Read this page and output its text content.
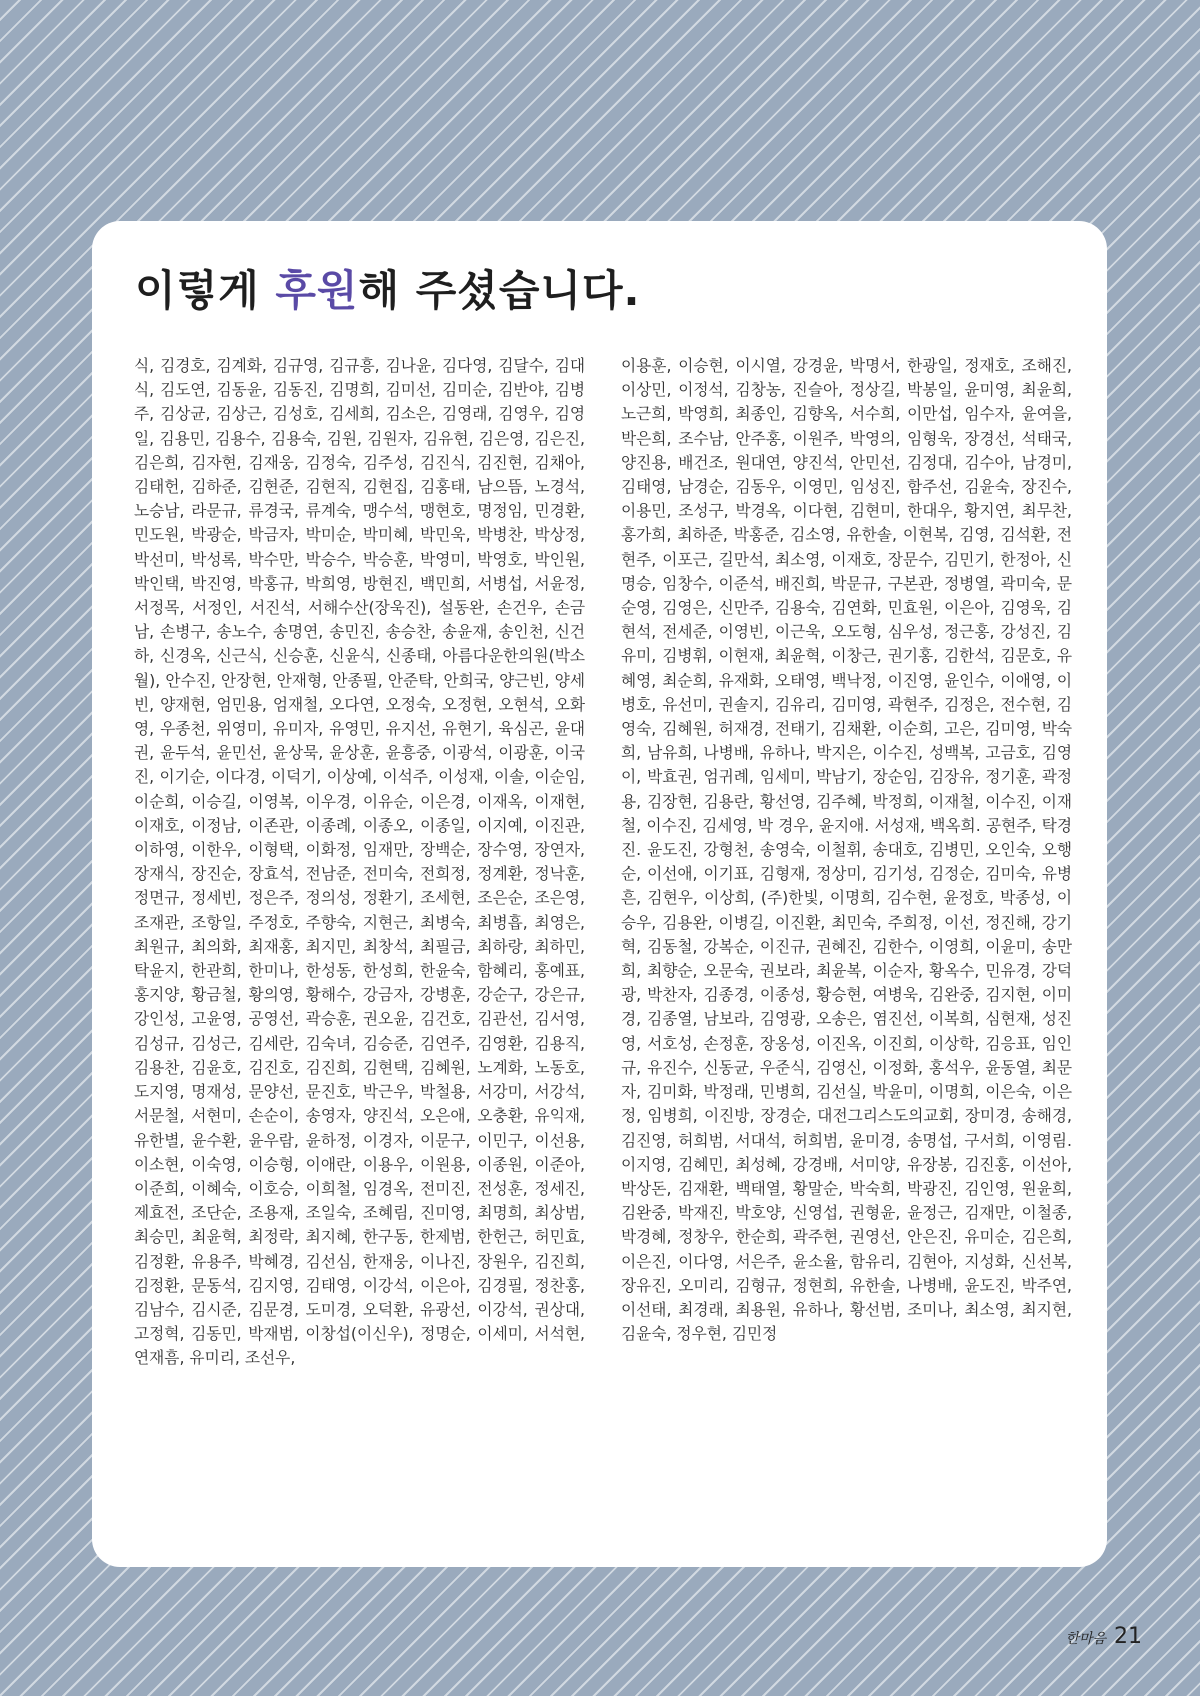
이렇게 후원해 주셨습니다.
식, 김경호, 김계화, 김규영, 김규흥, 김나윤, 김다영, 김달수, 김대식, 김도연, 김동윤, 김동진, 김명희, 김미선, 김미순, 김반야, 김병주, 김상균, 김상근, 김성호, 김세희, 김소은, 김영래, 김영우, 김영일, 김용민, 김용수, 김용숙, 김원, 김원자, 김유현, 김은영, 김은진, 김은희, 김자현, 김재웅, 김정숙, 김주성, 김진식, 김진현, 김채아, 김태헌, 김하준, 김현준, 김현직, 김현집, 김홍태, 남으뜸, 노경석, 노승남, 라문규, 류경국, 류계숙, 맹수석, 맹현호, 명정임, 민경환, 민도원, 박광순, 박금자, 박미순, 박미혜, 박민욱, 박병찬, 박상정, 박선미, 박성록, 박수만, 박승수, 박승훈, 박영미, 박영호, 박인원, 박인택, 박진영, 박홍규, 박희영, 방현진, 백민희, 서병섭, 서윤정, 서정목, 서정인, 서진석, 서해수산(장욱진), 설동완, 손건우, 손금남, 손병구, 송노수, 송명연, 송민진, 송승찬, 송윤재, 송인천, 신건하, 신경옥, 신근식, 신승훈, 신윤식, 신종태, 아름다운한의원(박소월), 안수진, 안장현, 안재형, 안종필, 안준탁, 안희국, 양근빈, 양세빈, 양재현, 엄민용, 엄재철, 오다연, 오정숙, 오정현, 오현석, 오화영, 우종천, 위영미, 유미자, 유영민, 유지선, 유현기, 육심곤, 윤대권, 윤두석, 윤민선, 윤상묵, 윤상훈, 윤흥중, 이광석, 이광훈, 이국진, 이기순, 이다경, 이덕기, 이상예, 이석주, 이성재, 이솔, 이순임, 이순희, 이승길, 이영복, 이우경, 이유순, 이은경, 이재옥, 이재현, 이재호, 이정남, 이존관, 이종례, 이종오, 이종일, 이지예, 이진관, 이하영, 이한우, 이형택, 이화정, 임재만, 장백순, 장수영, 장연자, 장재식, 장진순, 장효석, 전남준, 전미숙, 전희정, 정계환, 정낙훈, 정면규, 정세빈, 정은주, 정의성, 정환기, 조세현, 조은순, 조은영, 조재관, 조항일, 주정호, 주향숙, 지현근, 최병숙, 최병흡, 최영은, 최원규, 최의화, 최재홍, 최지민, 최창석, 최필금, 최하랑, 최하민, 탁윤지, 한관희, 한미나, 한성동, 한성희, 한윤숙, 함혜리, 홍예표, 홍지양, 황금철, 황의영, 황해수, 강금자, 강병훈, 강순구, 강은규, 강인성, 고윤영, 공영선, 곽승훈, 권오윤, 김건호, 김관선, 김서영, 김성규, 김성근, 김세란, 김숙녀, 김승준, 김연주, 김영환, 김용직, 김용찬, 김윤호, 김진호, 김진희, 김현택, 김혜원, 노계화, 노동호, 도지영, 명재성, 문양선, 문진호, 박근우, 박철용, 서강미, 서강석, 서문철, 서현미, 손순이, 송영자, 양진석, 오은애, 오충환, 유익재, 유한별, 윤수환, 윤우람, 윤하정, 이경자, 이문구, 이민구, 이선용, 이소현, 이숙영, 이승형, 이애란, 이용우, 이원용, 이종원, 이준아, 이준희, 이혜숙, 이호승, 이희철, 임경옥, 전미진, 전성훈, 정세진, 제효전, 조단순, 조용재, 조일숙, 조혜림, 진미영, 최명희, 최상범, 최승민, 최윤혁, 최정락, 최지혜, 한구동, 한제범, 한헌근, 허민효, 김정환, 유용주, 박혜경, 김선심, 한재웅, 이나진, 장원우, 김진희, 김정환, 문동석, 김지영, 김태영, 이강석, 이은아, 김경필, 정찬홍, 김남수, 김시준, 김문경, 도미경, 오덕환, 유광선, 이강석, 권상대, 고정혁, 김동민, 박재범, 이창섭(이신우), 정명순, 이세미, 서석현, 연재흠, 유미리, 조선우,
이용훈, 이승현, 이시열, 강경윤, 박명서, 한광일, 정재호, 조해진, 이상민, 이정석, 김창농, 진슬아, 정상길, 박봉일, 윤미영, 최윤희, 노근희, 박영희, 최종인, 김향옥, 서수희, 이만섭, 임수자, 윤여을, 박은희, 조수남, 안주홍, 이원주, 박영의, 임형욱, 장경선, 석태국, 양진용, 배건조, 원대연, 양진석, 안민선, 김정대, 김수아, 남경미, 김태영, 남경순, 김동우, 이영민, 임성진, 함주선, 김윤숙, 장진수, 이용민, 조성구, 박경옥, 이다현, 김현미, 한대우, 황지연, 최무찬, 홍가희, 최하준, 박홍준, 김소영, 유한솔, 이현복, 김영, 김석환, 전현주, 이포근, 길만석, 최소영, 이재호, 장문수, 김민기, 한정아, 신명승, 임창수, 이준석, 배진희, 박문규, 구본관, 정병열, 곽미숙, 문순영, 김영은, 신만주, 김용숙, 김연화, 민효원, 이은아, 김영욱, 김현석, 전세준, 이영빈, 이근욱, 오도형, 심우성, 정근홍, 강성진, 김유미, 김병휘, 이현재, 최윤혁, 이창근, 권기홍, 김한석, 김문호, 유혜영, 최순희, 유재화, 오태영, 백낙정, 이진영, 윤인수, 이애영, 이병호, 유선미, 권솔지, 김유리, 김미영, 곽현주, 김정은, 전수현, 김영숙, 김혜원, 허재경, 전태기, 김채환, 이순희, 고은, 김미영, 박숙희, 남유희, 나병배, 유하나, 박지은, 이수진, 성백복, 고금호, 김영이, 박효권, 엄귀례, 임세미, 박남기, 장순임, 김장유, 정기훈, 곽정용, 김장현, 김용란, 황선영, 김주혜, 박정희, 이재철, 이수진, 이재철, 이수진, 김세영, 박 경우, 윤지애. 서성재, 백옥희. 공현주, 탁경진. 윤도진, 강형천, 송영숙, 이철휘, 송대호, 김병민, 오인숙, 오행순, 이선애, 이기표, 김형재, 정상미, 김기성, 김정순, 김미숙, 유병흔, 김현우, 이상희, (주)한빛, 이명희, 김수현, 윤정호, 박종성, 이승우, 김용완, 이병길, 이진환, 최민숙, 주희정, 이선, 정진해, 강기혁, 김동철, 강복순, 이진규, 권혜진, 김한수, 이영희, 이윤미, 송만희, 최향순, 오문숙, 권보라, 최윤복, 이순자, 황옥수, 민유경, 강덕광, 박찬자, 김종경, 이종성, 황승현, 여병욱, 김완중, 김지현, 이미경, 김종열, 남보라, 김영광, 오송은, 염진선, 이복희, 심현재, 성진영, 서호성, 손정훈, 장옹성, 이진옥, 이진희, 이상학, 김응표, 임인규, 유진수, 신동균, 우준식, 김영신, 이정화, 홍석우, 윤동열, 최문자, 김미화, 박정래, 민병희, 김선실, 박윤미, 이명희, 이은숙, 이은정, 임병희, 이진방, 장경순, 대전그리스도의교회, 장미경, 송해경, 김진영, 허희범, 서대석, 허희범, 윤미경, 송명섭, 구서희, 이영림. 이지영, 김혜민, 최성혜, 강경배, 서미양, 유장봉, 김진홍, 이선아, 박상돈, 김재환, 백태열, 황말순, 박숙희, 박광진, 김인영, 원윤희, 김완중, 박재진, 박호양, 신영섭, 권형윤, 윤정근, 김재만, 이철종, 박경혜, 정창우, 한순희, 곽주현, 권영선, 안은진, 유미순, 김은희, 이은진, 이다영, 서은주, 윤소율, 함유리, 김현아, 지성화, 신선복, 장유진, 오미리, 김형규, 정현희, 유한솔, 나병배, 윤도진, 박주연, 이선태, 최경래, 최용원, 유하나, 황선범, 조미나, 최소영, 최지현, 김윤숙, 정우현, 김민정
한마음 21
